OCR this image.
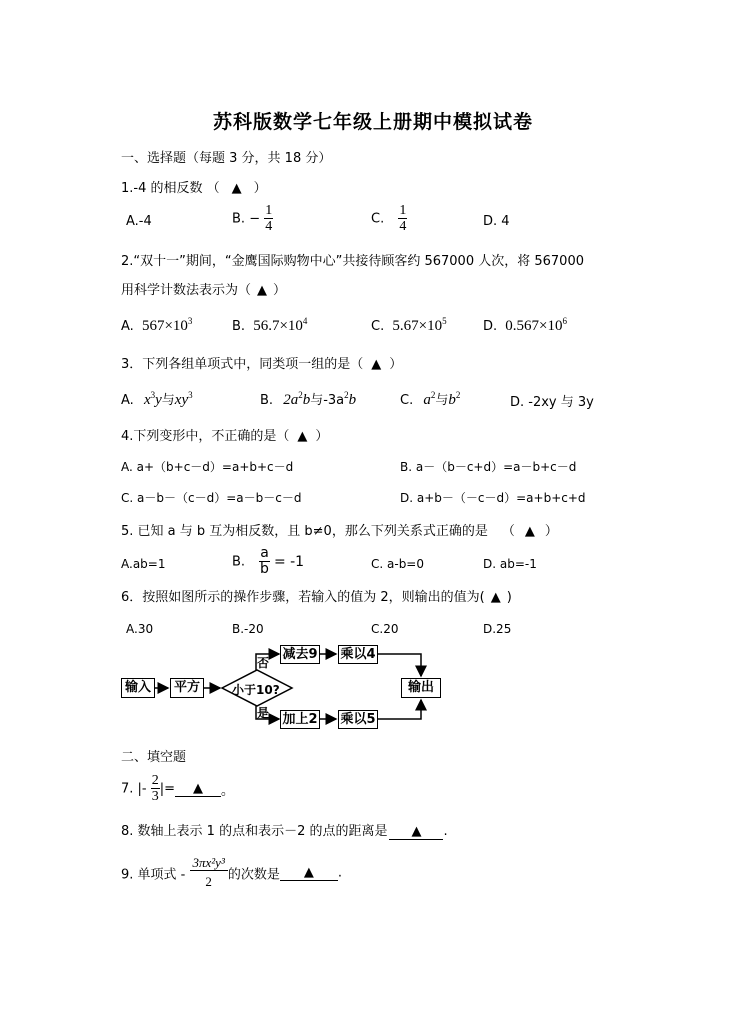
苏科版数学七年级上册期中模拟试卷
一、选择题（每题 3 分，共 18 分）
1.-4 的相反数 （ ▲ ）
A.-4	B. − $\frac{1}{4}$	C. $\frac{1}{4}$	D. 4
2.“双十一”期间，“金鹰国际购物中心”共接待顾客约 567000 人次，将 567000
用科学计数法表示为（ ▲ ）
A. $567\times 10^3$	B. $56.7\times 10^4$	C. $5.67\times 10^5$	D. $0.567\times 10^6$
3．下列各组单项式中，同类项一组的是（ ▲ ）
A. $x^3y$与$xy^3$	B. $2a^2b$与$-3a^2b$	C. $a^2$与$b^2$	D. -2xy 与 3y
4.下列变形中，不正确的是（ ▲ ）
A. a+（b+c－d）=a+b+c－d	B. a－（b－c+d）=a－b+c－d
C. a－b－（c－d）=a－b－c－d	D. a+b－（－c－d）=a+b+c+d
5. 已知 a 与 b 互为相反数，且 b≠0，那么下列关系式正确的是 （ ▲ ）
A.ab=1	B. $\frac{a}{b} = -1$	C. a-b=0	D. ab=-1
6．按照如图所示的操作步骤，若输入的值为 2，则输出的值为( ▲ )
A.30	B.-20	C.20	D.25
输入	平方	小于10?
否
是
减去9 乘以4
加上2 乘以5
输出
二、填空题
7. |- $\frac{2}{3}$ |= ▲ 。
8. 数轴上表示 1 的点和表示－2 的点的距离是 ▲ .
9. 单项式 - $\frac{\text{3πx²y³}}{2}$ 的次数是 ▲ .
